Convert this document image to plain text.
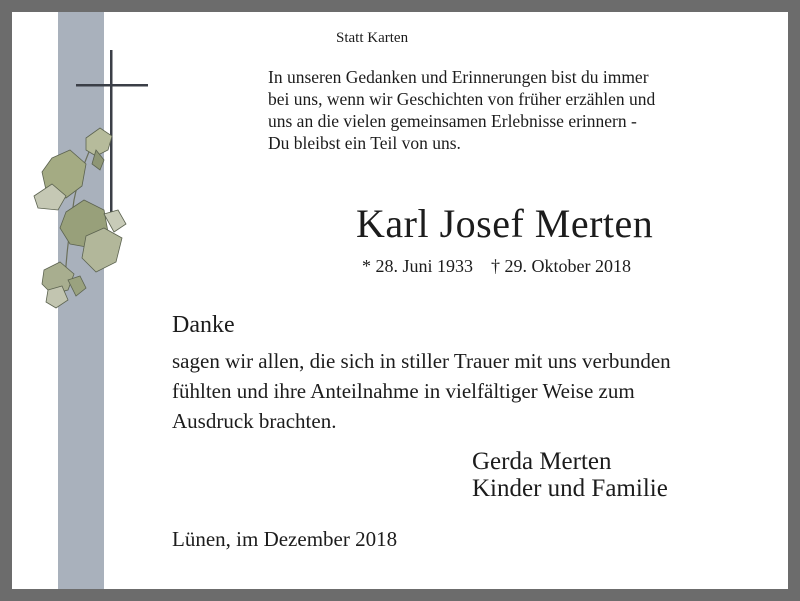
Statt Karten
In unseren Gedanken und Erinnerungen bist du immer
bei uns, wenn wir Geschichten von früher erzählen und
uns an die vielen gemeinsamen Erlebnisse erinnern -
Du bleibst ein Teil von uns.
Karl Josef Merten
* 28. Juni 1933 † 29. Oktober 2018
Danke
sagen wir allen, die sich in stiller Trauer mit uns verbunden
fühlten und ihre Anteilnahme in vielfältiger Weise zum
Ausdruck brachten.
Gerda Merten
Kinder und Familie
Lünen, im Dezember 2018
